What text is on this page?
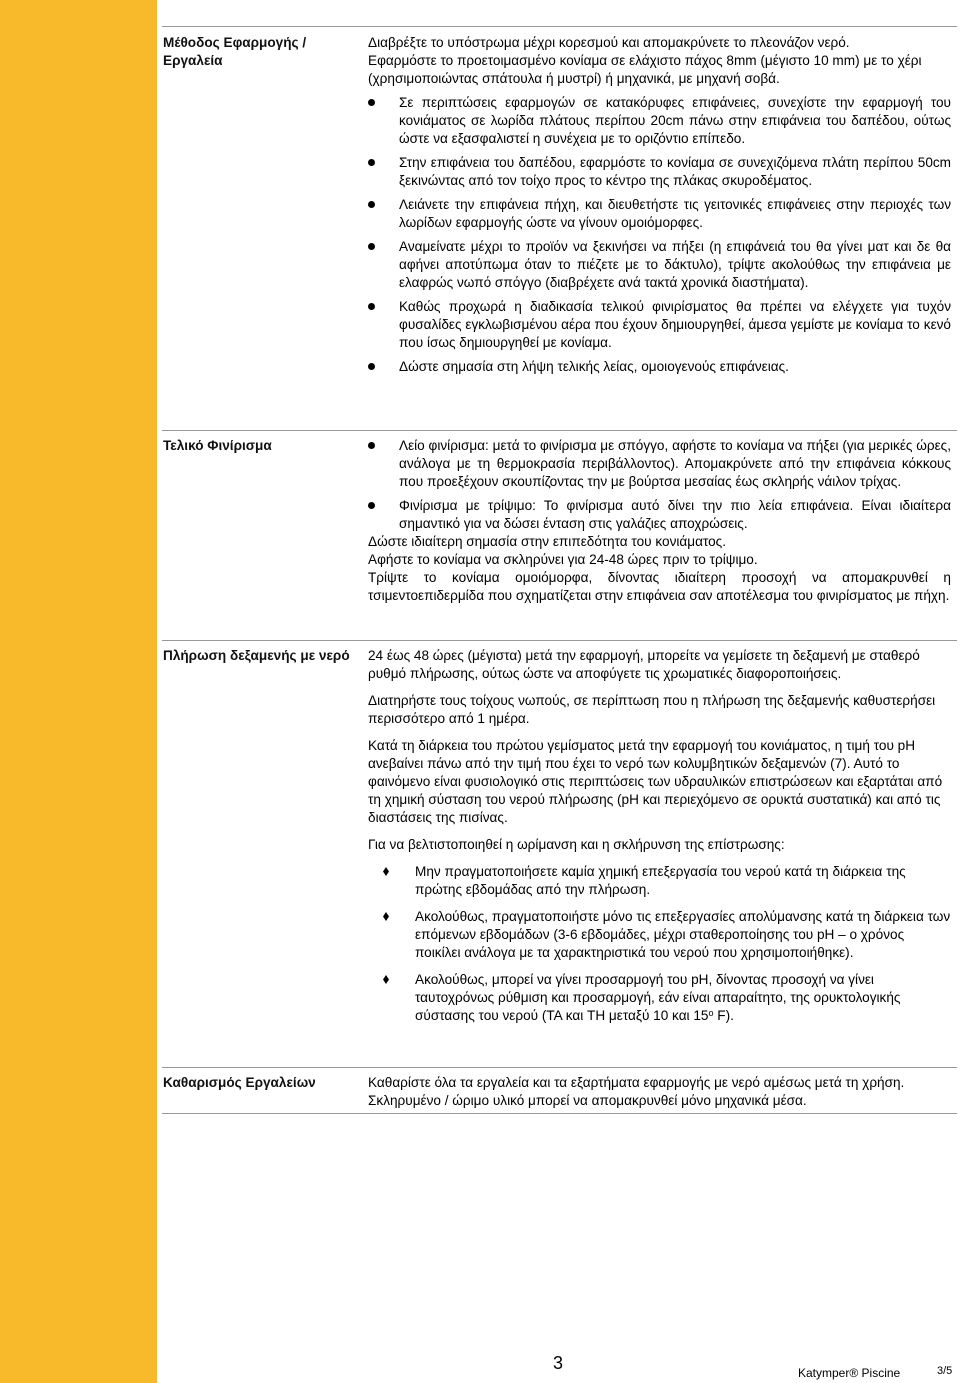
Μέθοδος Εφαρμογής / Εργαλεία

Διαβρέξτε το υπόστρωμα μέχρι κορεσμού και απομακρύνετε το πλεονάζον νερό.

Εφαρμόστε το προετοιμασμένο κονίαμα σε ελάχιστο πάχος 8mm (μέγιστο 10 mm) με το χέρι (χρησιμοποιώντας σπάτουλα ή μυστρί) ή μηχανικά, με μηχανή σοβά.

Σε περιπτώσεις εφαρμογών σε κατακόρυφες επιφάνειες, συνεχίστε την εφαρμογή του κονιάματος σε λωρίδα πλάτους περίπου 20cm πάνω στην επιφάνεια του δαπέδου, ούτως ώστε να εξασφαλιστεί η συνέχεια με το οριζόντιο επίπεδο.
Στην επιφάνεια του δαπέδου, εφαρμόστε το κονίαμα σε συνεχιζόμενα πλάτη περίπου 50cm ξεκινώντας από τον τοίχο προς το κέντρο της πλάκας σκυροδέματος.
Λειάνετε την επιφάνεια πήχη, και διευθετήστε τις γειτονικές επιφάνειες στην περιοχές των λωρίδων εφαρμογής ώστε να γίνουν ομοιόμορφες.
Αναμείνατε μέχρι το προϊόν να ξεκινήσει να πήξει (η επιφάνειά του θα γίνει ματ και δε θα αφήνει αποτύπωμα όταν το πιέζετε με το δάκτυλο), τρίψτε ακολούθως την επιφάνεια με ελαφρώς νωπό σπόγγο (διαβρέχετε ανά τακτά χρονικά διαστήματα).
Καθώς προχωρά η διαδικασία τελικού φινιρίσματος θα πρέπει να ελέγχετε για τυχόν φυσαλίδες εγκλωβισμένου αέρα που έχουν δημιουργηθεί, άμεσα γεμίστε με κονίαμα το κενό που ίσως δημιουργηθεί με κονίαμα.
Δώστε σημασία στη λήψη τελικής λείας, ομοιογενούς επιφάνειας.
Τελικό Φινίρισμα	Λείο φινίρισμα: μετά το φινίρισμα με σπόγγο, αφήστε το κονίαμα να πήξει (για μερικές ώρες, ανάλογα με τη θερμοκρασία περιβάλλοντος). Απομακρύνετε από την επιφάνεια κόκκους που προεξέχουν σκουπίζοντας την με βούρτσα μεσαίας έως σκληρής νάιλον τρίχας.
Φινίρισμα με τρίψιμο: Το φινίρισμα αυτό δίνει την πιο λεία επιφάνεια. Είναι ιδιαίτερα σημαντικό για να δώσει ένταση στις γαλάζιες αποχρώσεις.

Δώστε ιδιαίτερη σημασία στην επιπεδότητα του κονιάματος.

Αφήστε το κονίαμα να σκληρύνει για 24-48 ώρες πριν το τρίψιμο.

Τρίψτε το κονίαμα ομοιόμορφα, δίνοντας ιδιαίτερη προσοχή να απομακρυνθεί η τσιμεντοεπιδερμίδα που σχηματίζεται στην επιφάνεια σαν αποτέλεσμα του φινιρίσματος με πήχη.

Πλήρωση δεξαμενής με νερό	24 έως 48 ώρες (μέγιστα) μετά την εφαρμογή, μπορείτε να γεμίσετε τη δεξαμενή με σταθερό ρυθμό πλήρωσης, ούτως ώστε να αποφύγετε τις χρωματικές διαφοροποιήσεις.

Διατηρήστε τους τοίχους νωπούς, σε περίπτωση που η πλήρωση της δεξαμενής καθυστερήσει περισσότερο από 1 ημέρα.

Κατά τη διάρκεια του πρώτου γεμίσματος μετά την εφαρμογή του κονιάματος, η τιμή του pH ανεβαίνει πάνω από την τιμή που έχει το νερό των κολυμβητικών δεξαμενών (7). Αυτό το φαινόμενο είναι φυσιολογικό στις περιπτώσεις των υδραυλικών επιστρώσεων και εξαρτάται από τη χημική σύσταση του νερού πλήρωσης (pH και περιεχόμενο σε ορυκτά συστατικά) και από τις διαστάσεις της πισίνας.

Για να βελτιστοποιηθεί η ωρίμανση και η σκλήρυνση της επίστρωσης:

Μην πραγματοποιήσετε καμία χημική επεξεργασία του νερού κατά τη διάρκεια της πρώτης εβδομάδας από την πλήρωση.
Ακολούθως, πραγματοποιήστε μόνο τις επεξεργασίες απολύμανσης κατά τη διάρκεια των επόμενων εβδομάδων (3-6 εβδομάδες, μέχρι σταθεροποίησης του pH – ο χρόνος ποικίλει ανάλογα με τα χαρακτηριστικά του νερού που χρησιμοποιήθηκε).
Ακολούθως, μπορεί να γίνει προσαρμογή του pH, δίνοντας προσοχή να γίνει ταυτοχρόνως ρύθμιση και προσαρμογή, εάν είναι απαραίτητο, της ορυκτολογικής σύστασης του νερού (TA και TH μεταξύ 10 και 15$^o$ F).
Καθαρισμός Εργαλείων	Καθαρίστε όλα τα εργαλεία και τα εξαρτήματα εφαρμογής με νερό αμέσως μετά τη χρήση. Σκληρυμένο / ώριμο υλικό μπορεί να απομακρυνθεί μόνο μηχανικά μέσα.

3	Katymper® Piscine	3/5
